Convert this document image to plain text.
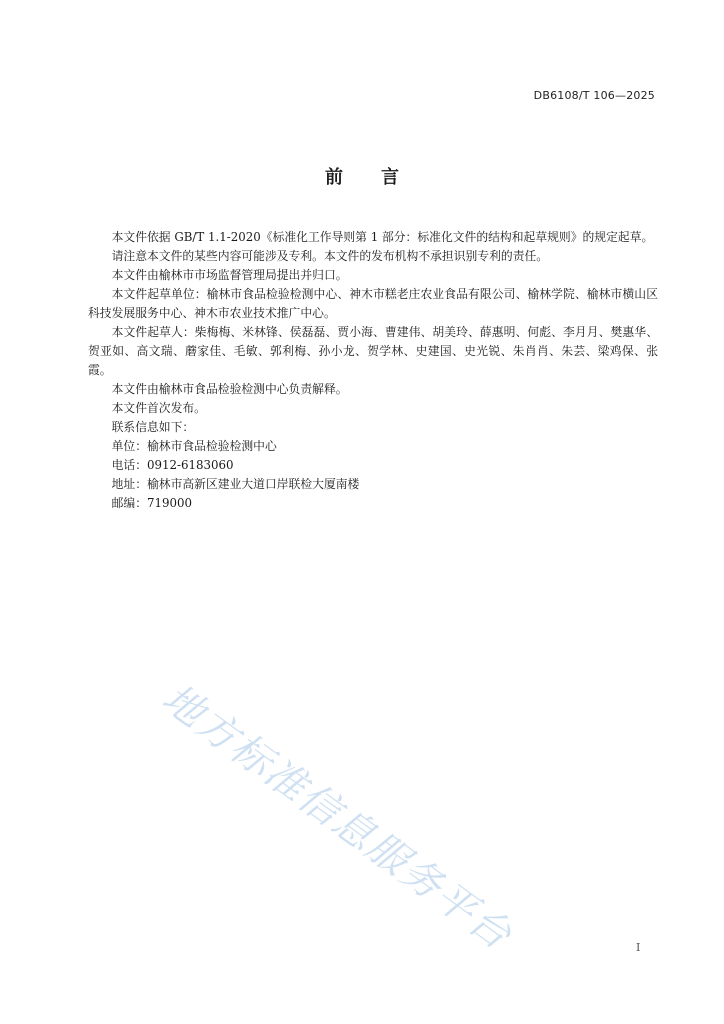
DB6108/T 106—2025
前 言

本文件依据 GB/T 1.1-2020《标准化工作导则第 1 部分：标准化文件的结构和起草规则》的规定起草。

请注意本文件的某些内容可能涉及专利。本文件的发布机构不承担识别专利的责任。

本文件由榆林市市场监督管理局提出并归口。

本文件起草单位：榆林市食品检验检测中心、神木市糕老庄农业食品有限公司、榆林学院、榆林市横山区科技发展服务中心、神木市农业技术推广中心。

本文件起草人：柴梅梅、米林锋、侯磊磊、贾小海、曹建伟、胡美玲、薛惠明、何彪、李月月、樊惠华、贺亚如、高文瑞、蘑家佳、毛敏、郭利梅、孙小龙、贺学林、史建国、史光锐、朱肖肖、朱芸、梁鸡保、张霞。

本文件由榆林市食品检验检测中心负责解释。

本文件首次发布。

联系信息如下：

单位：榆林市食品检验检测中心

电话：0912-6183060

地址：榆林市高新区建业大道口岸联检大厦南楼

邮编：719000

地方标准信息服务平台	I
